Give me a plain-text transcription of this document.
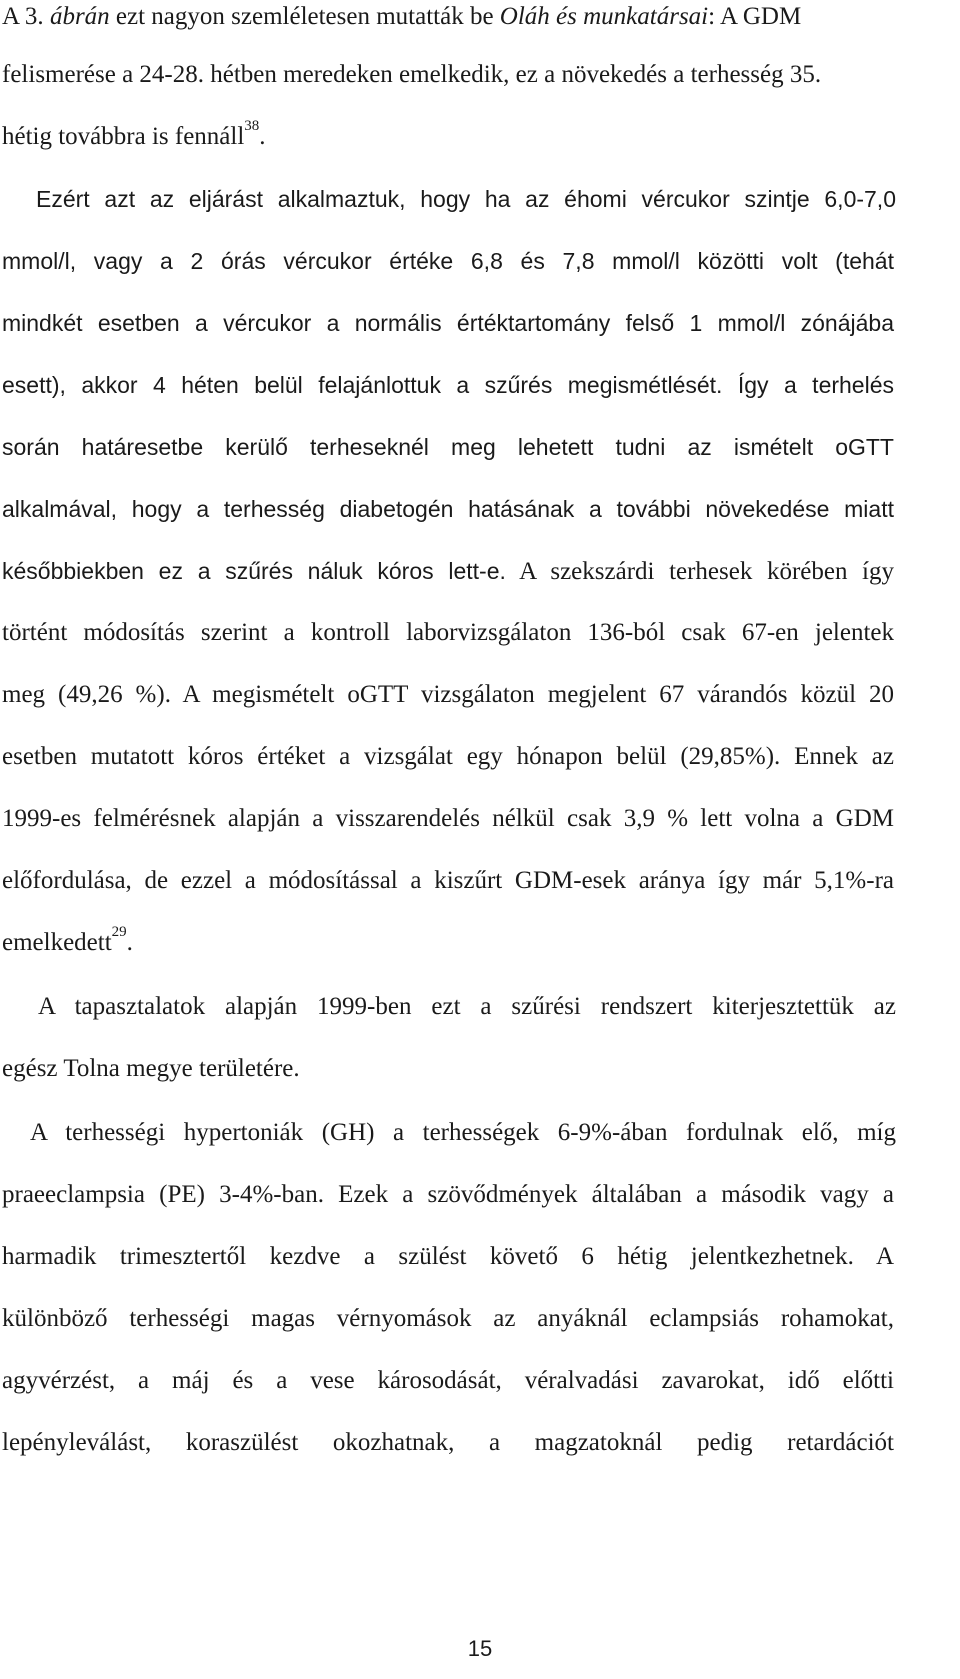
A 3. ábrán ezt nagyon szemléletesen mutatták be Oláh és munkatársai: A GDM
felismerése a 24-28. hétben meredeken emelkedik, ez a növekedés a terhesség 35.
hétig továbbra is fennáll$^{38}$.
Ezért azt az eljárást alkalmaztuk, hogy ha az éhomi vércukor szintje 6,0-7,0
mmol/l, vagy a 2 órás vércukor értéke 6,8 és 7,8 mmol/l közötti volt (tehát
mindkét esetben a vércukor a normális értéktartomány felső 1 mmol/l zónájába
esett), akkor 4 héten belül felajánlottuk a szűrés megismétlését. Így a terhelés
során határesetbe kerülő terheseknél meg lehetett tudni az ismételt oGTT
alkalmával, hogy a terhesség diabetogén hatásának a további növekedése miatt
későbbiekben ez a szűrés náluk kóros lett-e. A szekszárdi terhesek körében így
történt módosítás szerint a kontroll laborvizsgálaton 136-ból csak 67-en jelentek
meg (49,26 %). A megismételt oGTT vizsgálaton megjelent 67 várandós közül 20
esetben mutatott kóros értéket a vizsgálat egy hónapon belül (29,85%). Ennek az
1999-es felmérésnek alapján a visszarendelés nélkül csak 3,9 % lett volna a GDM
előfordulása, de ezzel a módosítással a kiszűrt GDM-esek aránya így már 5,1%-ra
emelkedett$^{29}$.
A tapasztalatok alapján 1999-ben ezt a szűrési rendszert kiterjesztettük az
egész Tolna megye területére.
A terhességi hypertoniák (GH) a terhességek 6-9%-ában fordulnak elő, míg
praeeclampsia (PE) 3-4%-ban. Ezek a szövődmények általában a második vagy a
harmadik trimesztertől kezdve a szülést követő 6 hétig jelentkezhetnek. A
különböző terhességi magas vérnyomások az anyáknál eclampsiás rohamokat,
agyvérzést, a máj és a vese károsodását, véralvadási zavarokat, idő előtti
lepényleválást, koraszülést okozhatnak, a magzatoknál pedig retardációt
15
